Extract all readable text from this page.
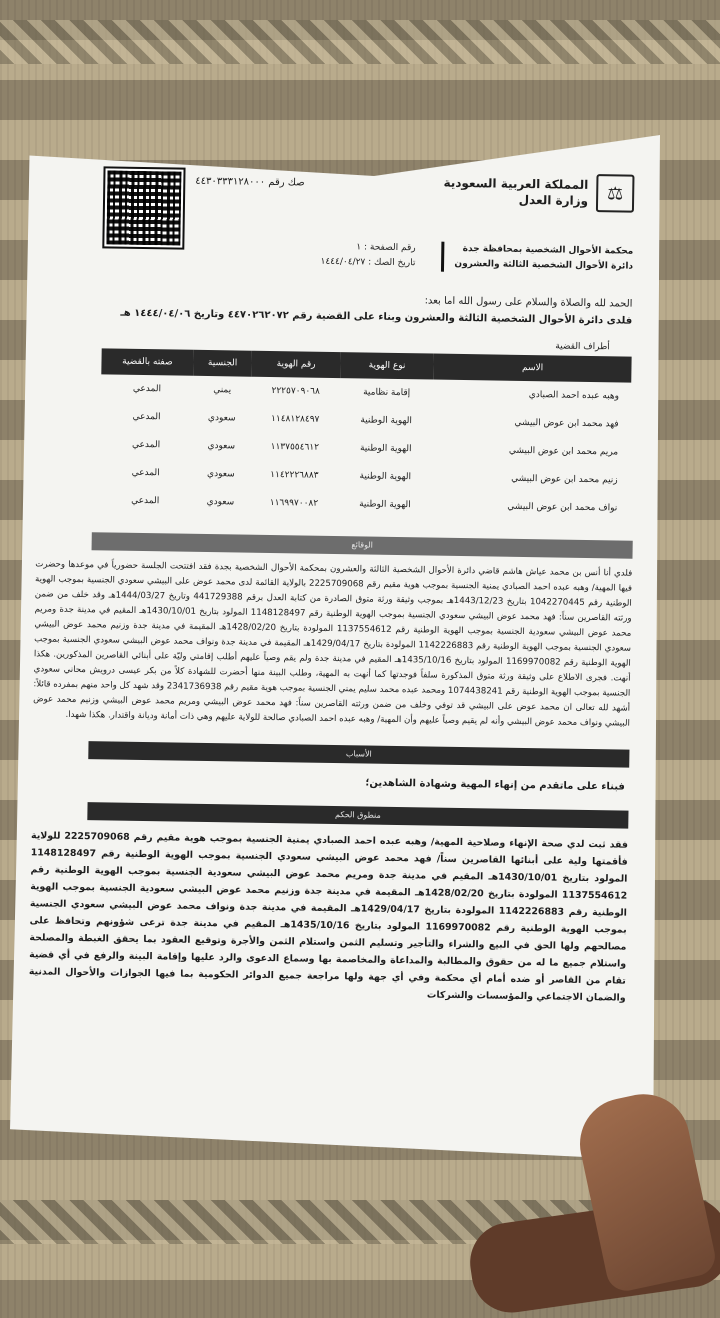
⚖
المملكة العربية السعودية
وزارة العدل
صك رقم ٤٤٣٠٣٣٣١٢٨٠٠٠
محكمة الأحوال الشخصية بمحافظة جدة
دائرة الأحوال الشخصية الثالثة والعشرون
رقم الصفحة : ١
تاريخ الصك : ١٤٤٤/٠٤/٢٧
الحمد لله والصلاة والسلام على رسول الله اما بعد:
فلدى دائرة الأحوال الشخصية الثالثة والعشرون وبناء على القضية رقم ٤٤٧٠٢٦٢٠٧٢ وتاريخ ١٤٤٤/٠٤/٠٦ هـ
أطراف القضية
الاسم	نوع الهوية	رقم الهوية	الجنسية	صفته بالقضية
وهبه عبده احمد الصبادي	إقامة نظامية	٢٢٢٥٧٠٩٠٦٨	يمني	المدعي
فهد محمد ابن عوض البيشي	الهوية الوطنية	١١٤٨١٢٨٤٩٧	سعودي	المدعي
مريم محمد ابن عوض البيشي	الهوية الوطنية	١١٣٧٥٥٤٦١٢	سعودي	المدعي
زنيم محمد ابن عوض البيشي	الهوية الوطنية	١١٤٢٢٢٦٨٨٣	سعودي	المدعي
نواف محمد ابن عوض البيشي	الهوية الوطنية	١١٦٩٩٧٠٠٨٢	سعودي	المدعي
الوقائع
فلدي أنا أنس بن محمد عياش هاشم قاضي دائرة الأحوال الشخصية الثالثة والعشرون بمحكمة الأحوال الشخصية بجدة فقد افتتحت الجلسة حضورياً في موعدها وحضرت فيها المهية/ وهبه عبده احمد الصبادي يمنية الجنسية بموجب هوية مقيم رقم 2225709068 بالولاية القائمة لدى محمد عوض على البيشي سعودي الجنسية بموجب الهوية الوطنية رقم 1042270445 بتاريخ 1443/12/23هـ بموجب وثيقة ورثة متوق الصادرة من كتابة العدل برقم 441729388 وتاريخ 1444/03/27هـ وقد خلف من ضمن ورثته القاصرين سناً: فهد محمد عوض البيشي سعودي الجنسية بموجب الهوية الوطنية رقم 1148128497 المولود بتاريخ 1430/10/01هـ المقيم في مدينة جدة ومريم محمد عوض البيشي سعودية الجنسية بموجب الهوية الوطنية رقم 1137554612 المولودة بتاريخ 1428/02/20هـ المقيمة في مدينة جدة وزنيم محمد عوض البيشي سعودي الجنسية بموجب الهوية الوطنية رقم 1142226883 المولودة بتاريخ 1429/04/17هـ المقيمة في مدينة جدة ونواف محمد عوض البيشي سعودي الجنسية بموجب الهوية الوطنية رقم 1169970082 المولود بتاريخ 1435/10/16هـ المقيم في مدينة جدة ولم يقم وصياً عليهم أطلب إقامتي وليّة على أبنائي القاصرين المذكورين. هكذا أنهت. فجرى الاطلاع على وثيقة ورثة متوق المذكورة سلفاً فوجدتها كما أنهت به المهية، وطلب البينة منها أحضرت للشهادة كلاً من بكر عيسى درويش محاني سعودي الجنسية بموجب الهوية الوطنية رقم 1074438241 ومحمد عبده محمد سليم يمني الجنسية بموجب هوية مقيم رقم 2341736938 وقد شهد كل واحد منهم بمفرده قائلاً: أشهد لله تعالى ان محمد عوض على البيشي قد توفي وخلف من ضمن ورثته القاصرين سناً: فهد محمد عوض البيشي ومريم محمد عوض البيشي وزنيم محمد عوض البيشي ونواف محمد عوض البيشي وأنه لم يقيم وصياً عليهم وأن المهية/ وهبه عبده احمد الصبادي صالحة للولاية عليهم وهي ذات أمانة وديانة واقتدار. هكذا شهدا.
الأسباب
فبناء على ماتقدم من إنهاء المهية وشهادة الشاهدين؛
منطوق الحكم
فقد ثبت لدي صحة الإنهاء وصلاحية المهية/ وهبه عبده احمد الصبادي يمنية الجنسية بموجب هوية مقيم رقم 2225709068 للولاية فأقمتها ولية على أبنائها القاصرين سناً/ فهد محمد عوض البيشي سعودي الجنسية بموجب الهوية الوطنية رقم 1148128497 المولود بتاريخ 1430/10/01هـ المقيم في مدينة جدة ومريم محمد عوض البيشي سعودية الجنسية بموجب الهوية الوطنية رقم 1137554612 المولودة بتاريخ 1428/02/20هـ المقيمة في مدينة جدة وزنيم محمد عوض البيشي سعودية الجنسية بموجب الهوية الوطنية رقم 1142226883 المولودة بتاريخ 1429/04/17هـ المقيمة في مدينة جدة ونواف محمد عوض البيشي سعودي الجنسية بموجب الهوية الوطنية رقم 1169970082 المولود بتاريخ 1435/10/16هـ المقيم في مدينة جدة ترعى شؤونهم وتحافظ على مصالحهم ولها الحق في البيع والشراء والتأجير وتسليم الثمن واستلام الثمن والأجرة وتوقيع العقود بما يحقق الغبطة والمصلحة واستلام جميع ما له من حقوق والمطالبة والمداعاة والمخاصمة بها وسماع الدعوى والرد عليها وإقامة البينة والرفع في أي قضية تقام من القاصر أو ضده أمام أي محكمة وفي أي جهة ولها مراجعة جميع الدوائر الحكومية بما فيها الجوازات والأحوال المدنية والضمان الاجتماعي والمؤسسات والشركات
